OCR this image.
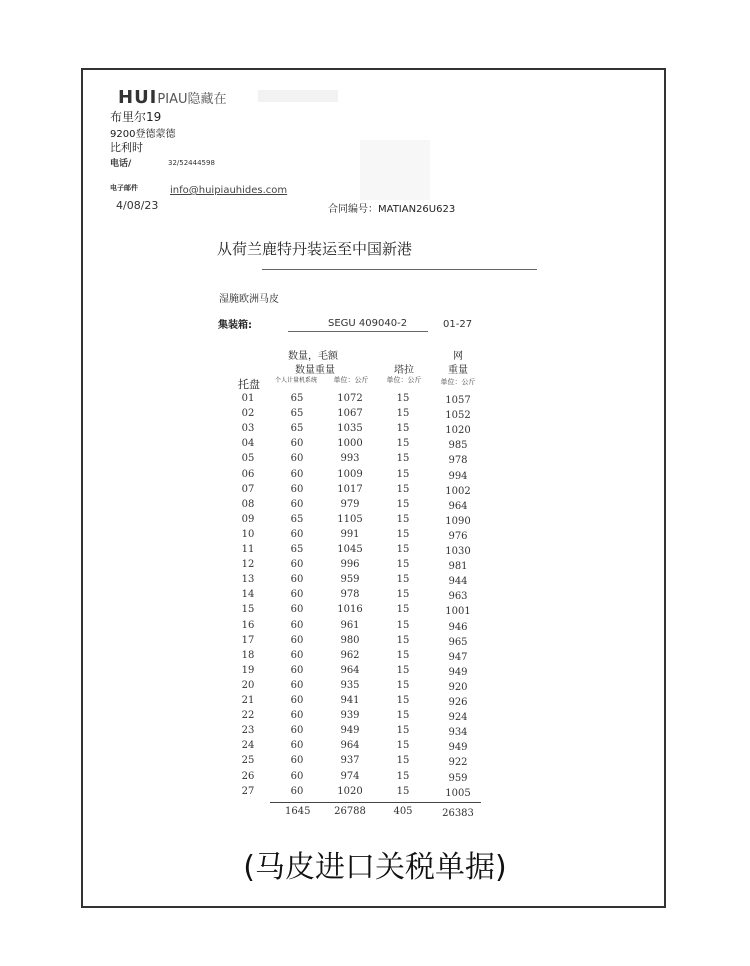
HUIPIAU隐藏在
布里尔19
9200登德蒙德
比利时
电话/	32/52444598
电子邮件	info@huipiauhides.com
4/08/23	合同编号：MATIAN26U623
从荷兰鹿特丹装运至中国新港
湿腌欧洲马皮
集装箱:	SEGU 409040-2	01-27
数量，毛额
数量重量	塔拉
网
重量
托盘	个人计量机系统	单位：公斤	单位：公斤	单位：公斤
01	65	1072	15	1057
02	65	1067	15	1052
03	65	1035	15	1020
04	60	1000	15	985
05	60	993	15	978
06	60	1009	15	994
07	60	1017	15	1002
08	60	979	15	964
09	65	1105	15	1090
10	60	991	15	976
11	65	1045	15	1030
12	60	996	15	981
13	60	959	15	944
14	60	978	15	963
15	60	1016	15	1001
16	60	961	15	946
17	60	980	15	965
18	60	962	15	947
19	60	964	15	949
20	60	935	15	920
21	60	941	15	926
22	60	939	15	924
23	60	949	15	934
24	60	964	15	949
25	60	937	15	922
26	60	974	15	959
27	60	1020	15	1005
1645	26788	405	26383
(马皮进口关税单据)
